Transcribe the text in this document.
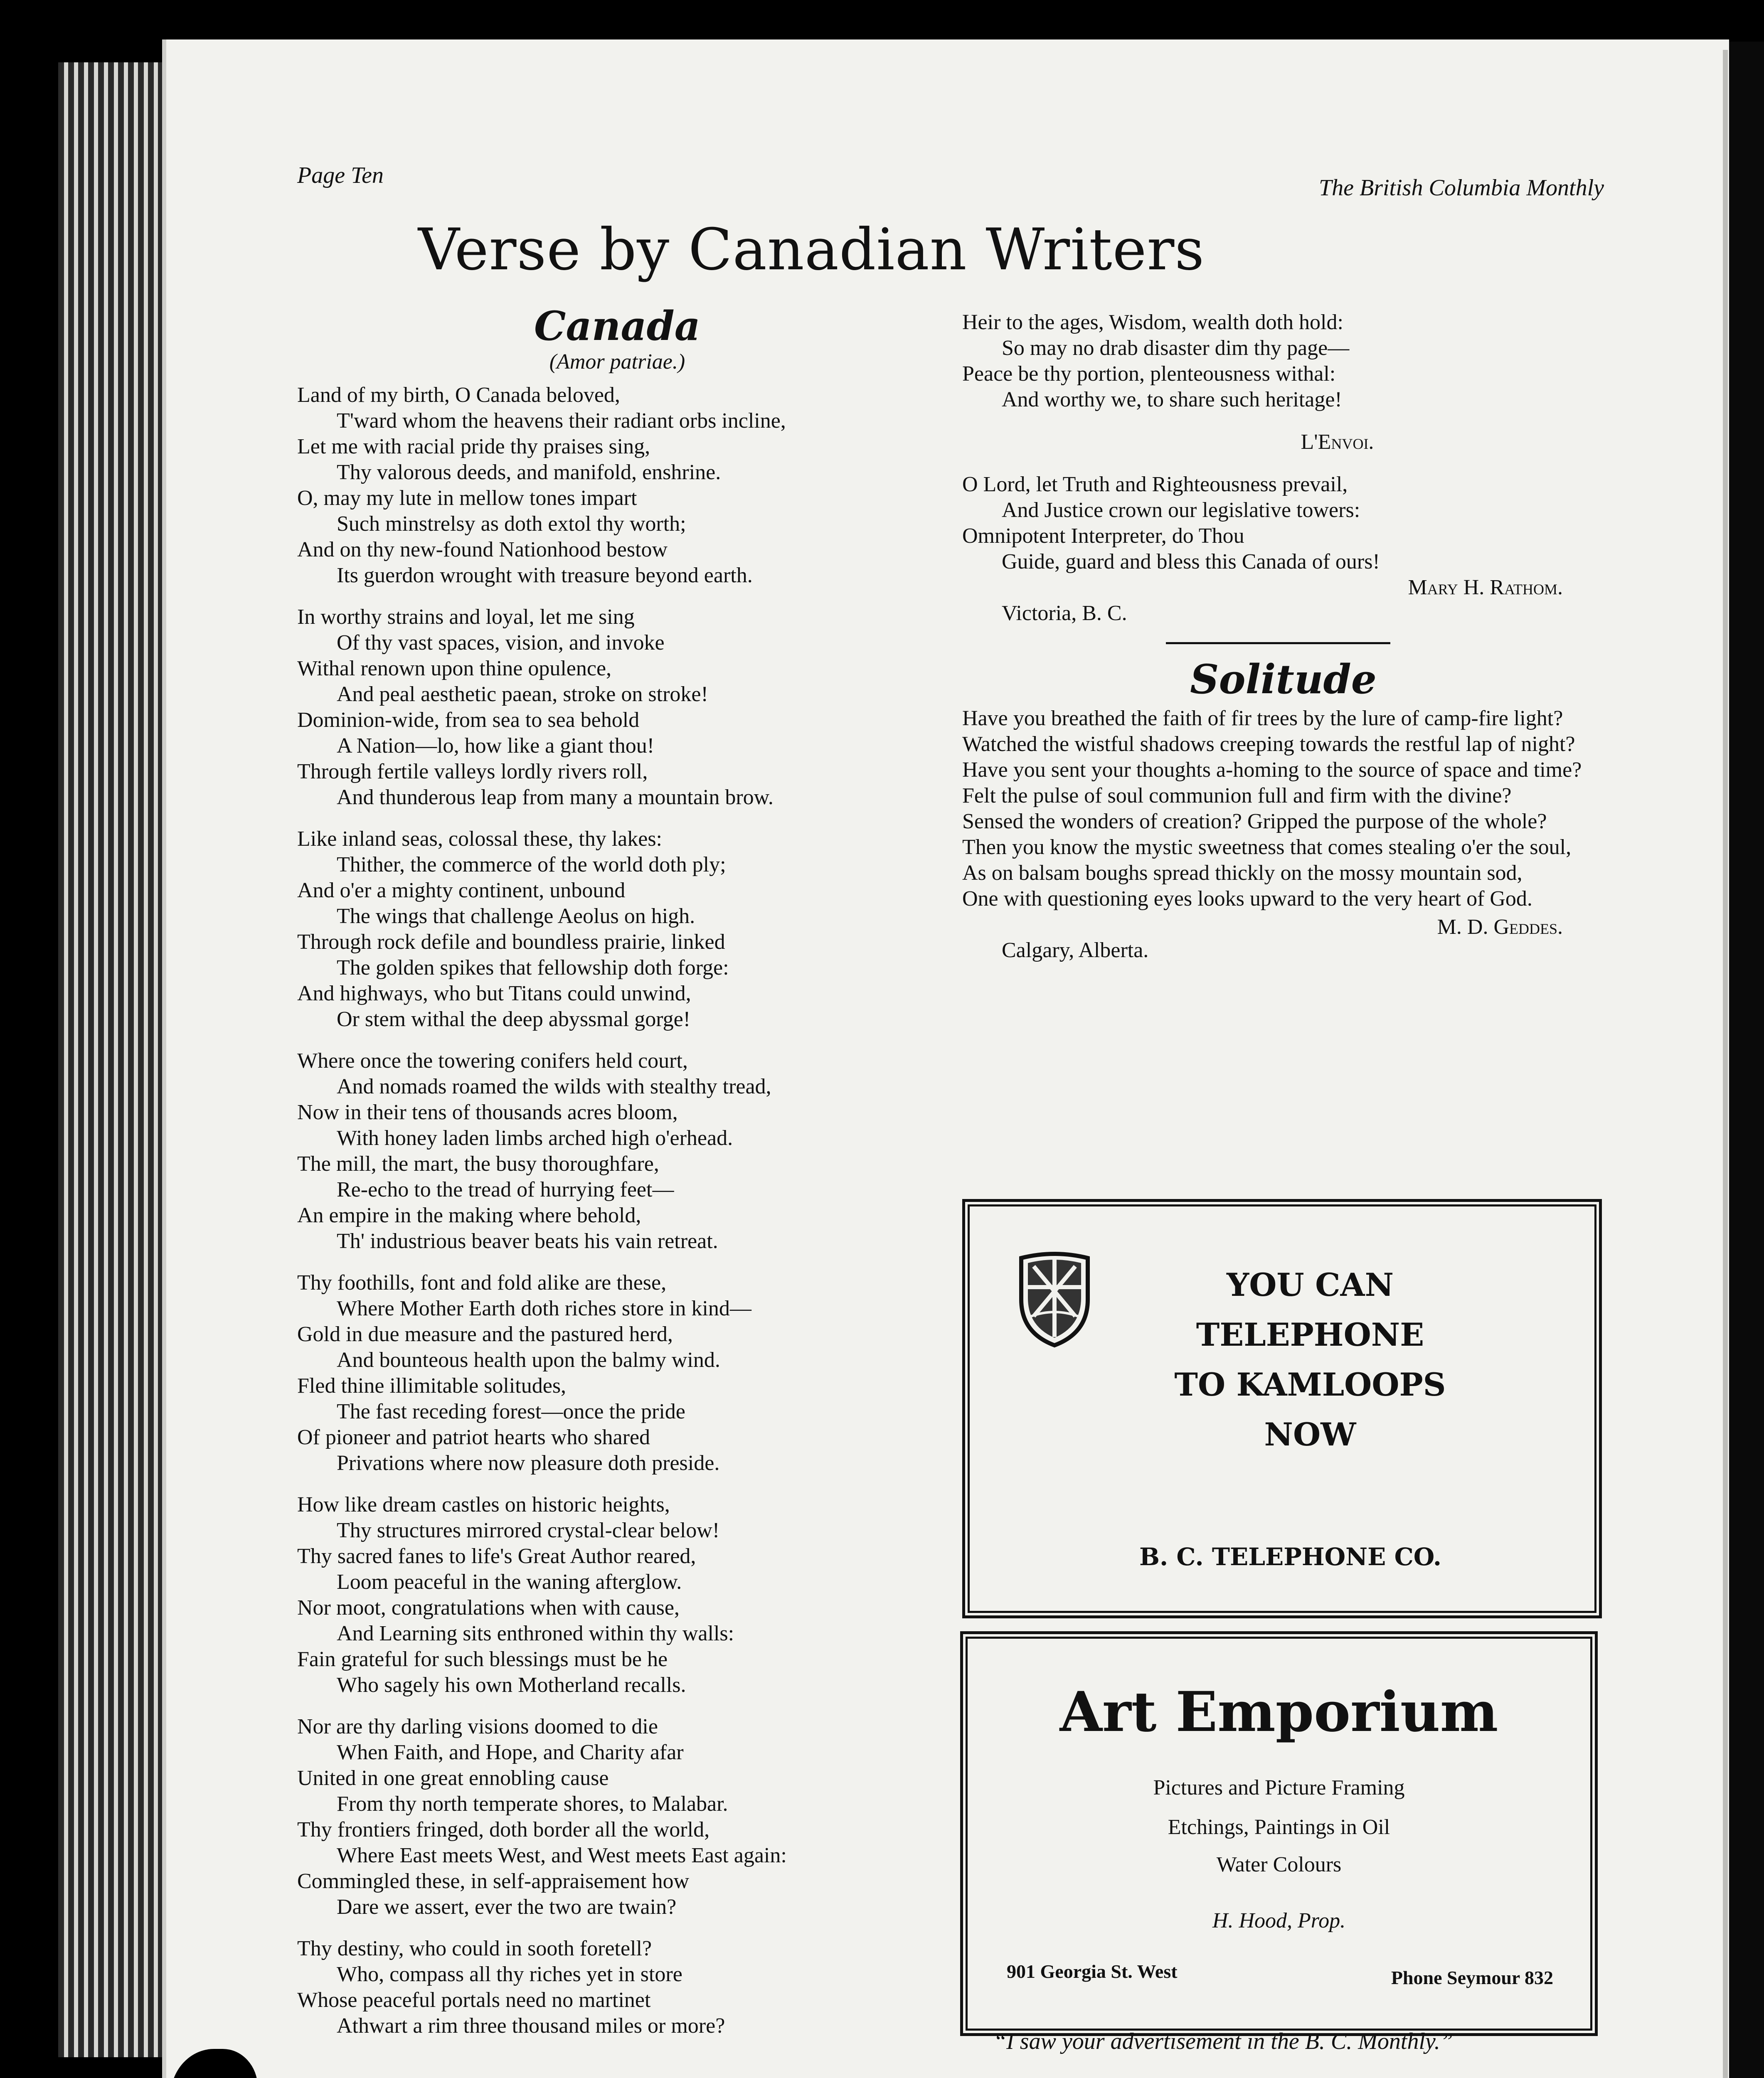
Page Ten	The British Columbia Monthly
Verse by Canadian Writers
Canada
(Amor patriae.)
Land of my birth, O Canada beloved,
T'ward whom the heavens their radiant orbs incline,
Let me with racial pride thy praises sing,
Thy valorous deeds, and manifold, enshrine.
O, may my lute in mellow tones impart
Such minstrelsy as doth extol thy worth;
And on thy new-found Nationhood bestow
Its guerdon wrought with treasure beyond earth.
In worthy strains and loyal, let me sing
Of thy vast spaces, vision, and invoke
Withal renown upon thine opulence,
And peal aesthetic paean, stroke on stroke!
Dominion-wide, from sea to sea behold
A Nation—lo, how like a giant thou!
Through fertile valleys lordly rivers roll,
And thunderous leap from many a mountain brow.
Like inland seas, colossal these, thy lakes:
Thither, the commerce of the world doth ply;
And o'er a mighty continent, unbound
The wings that challenge Aeolus on high.
Through rock defile and boundless prairie, linked
The golden spikes that fellowship doth forge:
And highways, who but Titans could unwind,
Or stem withal the deep abyssmal gorge!
Where once the towering conifers held court,
And nomads roamed the wilds with stealthy tread,
Now in their tens of thousands acres bloom,
With honey laden limbs arched high o'erhead.
The mill, the mart, the busy thoroughfare,
Re-echo to the tread of hurrying feet—
An empire in the making where behold,
Th' industrious beaver beats his vain retreat.
Thy foothills, font and fold alike are these,
Where Mother Earth doth riches store in kind—
Gold in due measure and the pastured herd,
And bounteous health upon the balmy wind.
Fled thine illimitable solitudes,
The fast receding forest—once the pride
Of pioneer and patriot hearts who shared
Privations where now pleasure doth preside.
How like dream castles on historic heights,
Thy structures mirrored crystal-clear below!
Thy sacred fanes to life's Great Author reared,
Loom peaceful in the waning afterglow.
Nor moot, congratulations when with cause,
And Learning sits enthroned within thy walls:
Fain grateful for such blessings must be he
Who sagely his own Motherland recalls.
Nor are thy darling visions doomed to die
When Faith, and Hope, and Charity afar
United in one great ennobling cause
From thy north temperate shores, to Malabar.
Thy frontiers fringed, doth border all the world,
Where East meets West, and West meets East again:
Commingled these, in self-appraisement how
Dare we assert, ever the two are twain?
Thy destiny, who could in sooth foretell?
Who, compass all thy riches yet in store
Whose peaceful portals need no martinet
Athwart a rim three thousand miles or more?
Heir to the ages, Wisdom, wealth doth hold:
So may no drab disaster dim thy page—
Peace be thy portion, plenteousness withal:
And worthy we, to share such heritage!
L'Envoi.
O Lord, let Truth and Righteousness prevail,
And Justice crown our legislative towers:
Omnipotent Interpreter, do Thou
Guide, guard and bless this Canada of ours!
Mary H. Rathom.
Victoria, B. C.
Solitude
Have you breathed the faith of fir trees by the lure of camp-fire light?
Watched the wistful shadows creeping towards the restful lap of night?
Have you sent your thoughts a-homing to the source of space and time?
Felt the pulse of soul communion full and firm with the divine?
Sensed the wonders of creation? Gripped the purpose of the whole?
Then you know the mystic sweetness that comes stealing o'er the soul,
As on balsam boughs spread thickly on the mossy mountain sod,
One with questioning eyes looks upward to the very heart of God.
M. D. Geddes.
Calgary, Alberta.
YOU CAN
TELEPHONE
TO KAMLOOPS
NOW
B. C. TELEPHONE CO.
Art Emporium
Pictures and Picture Framing
Etchings, Paintings in Oil
Water Colours
H. Hood, Prop.
901 Georgia St. West	Phone Seymour 832
“I saw your advertisement in the B. C. Monthly.”
